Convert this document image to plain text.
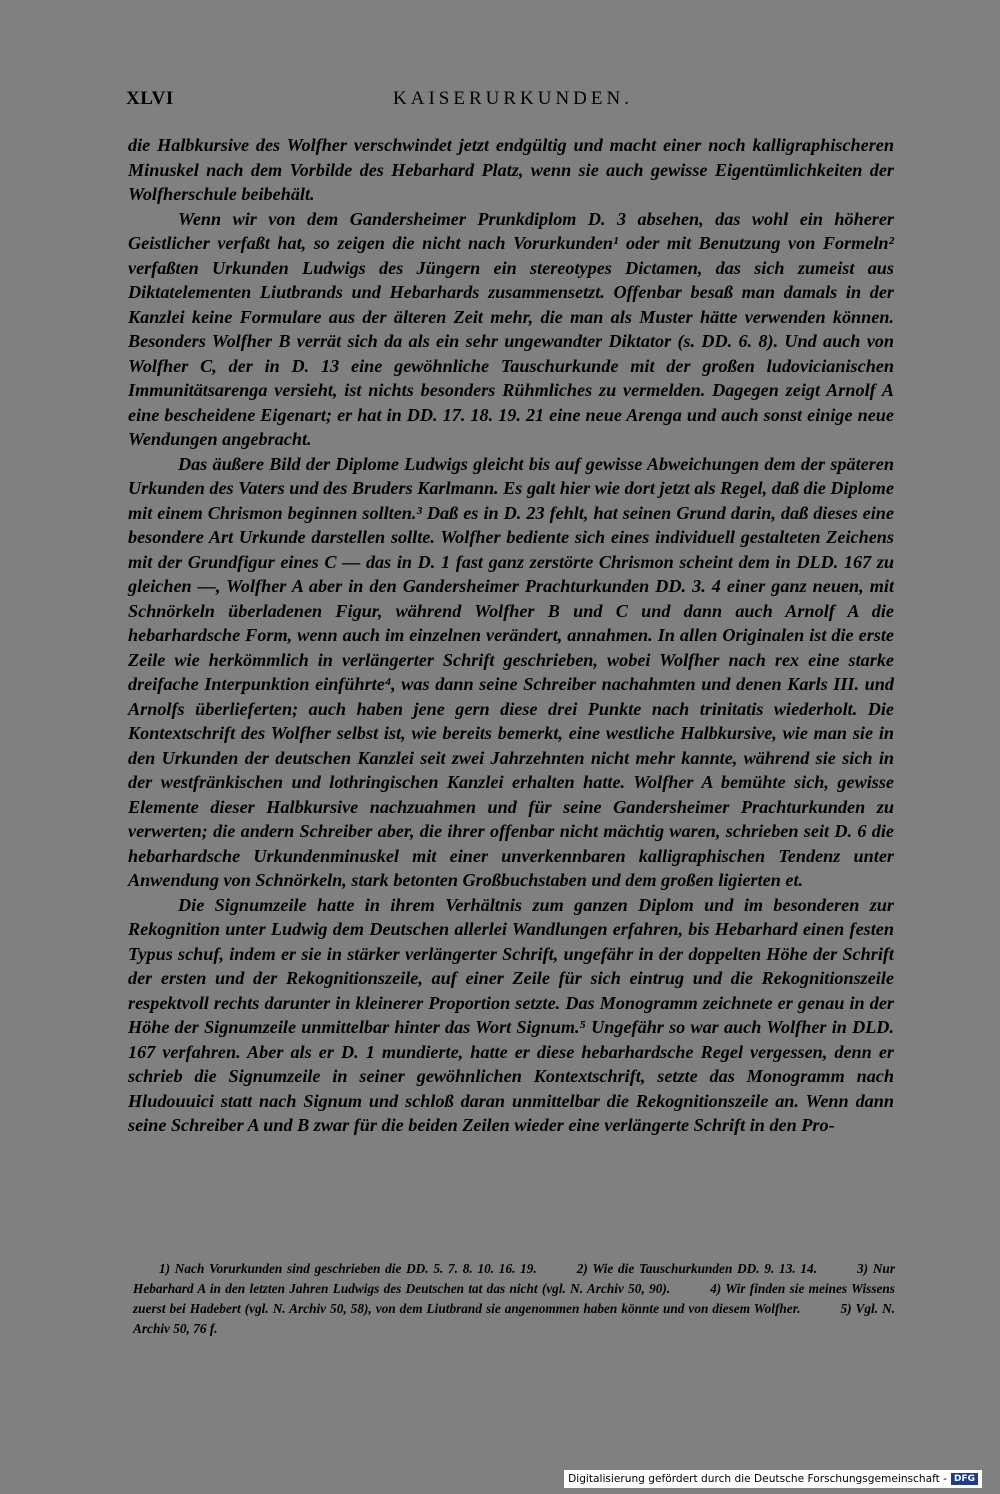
XLVI	KAISERURKUNDEN.

die Halbkursive des Wolfher verschwindet jetzt endgültig und macht einer noch kalligraphischeren Minuskel nach dem Vorbilde des Hebarhard Platz, wenn sie auch gewisse Eigentümlichkeiten der Wolfherschule beibehält.

Wenn wir von dem Gandersheimer Prunkdiplom D. 3 absehen, das wohl ein höherer Geistlicher verfaßt hat, so zeigen die nicht nach Vorurkunden¹ oder mit Benutzung von Formeln² verfaßten Urkunden Ludwigs des Jüngern ein stereotypes Dictamen, das sich zumeist aus Diktatelementen Liutbrands und Hebarhards zusammensetzt. Offenbar besaß man damals in der Kanzlei keine Formulare aus der älteren Zeit mehr, die man als Muster hätte verwenden können. Besonders Wolfher B verrät sich da als ein sehr ungewandter Diktator (s. DD. 6. 8). Und auch von Wolfher C, der in D. 13 eine gewöhnliche Tauschurkunde mit der großen ludovicianischen Immunitätsarenga versieht, ist nichts besonders Rühmliches zu vermelden. Dagegen zeigt Arnolf A eine bescheidene Eigenart; er hat in DD. 17. 18. 19. 21 eine neue Arenga und auch sonst einige neue Wendungen angebracht.

Das äußere Bild der Diplome Ludwigs gleicht bis auf gewisse Abweichungen dem der späteren Urkunden des Vaters und des Bruders Karlmann. Es galt hier wie dort jetzt als Regel, daß die Diplome mit einem Chrismon beginnen sollten.³ Daß es in D. 23 fehlt, hat seinen Grund darin, daß dieses eine besondere Art Urkunde darstellen sollte. Wolfher bediente sich eines individuell gestalteten Zeichens mit der Grundfigur eines C — das in D. 1 fast ganz zerstörte Chrismon scheint dem in DLD. 167 zu gleichen —, Wolfher A aber in den Gandersheimer Prachturkunden DD. 3. 4 einer ganz neuen, mit Schnörkeln überladenen Figur, während Wolfher B und C und dann auch Arnolf A die hebarhardsche Form, wenn auch im einzelnen verändert, annahmen. In allen Originalen ist die erste Zeile wie herkömmlich in verlängerter Schrift geschrieben, wobei Wolfher nach rex eine starke dreifache Interpunktion einführte⁴, was dann seine Schreiber nachahmten und denen Karls III. und Arnolfs überlieferten; auch haben jene gern diese drei Punkte nach trinitatis wiederholt. Die Kontextschrift des Wolfher selbst ist, wie bereits bemerkt, eine westliche Halbkursive, wie man sie in den Urkunden der deutschen Kanzlei seit zwei Jahrzehnten nicht mehr kannte, während sie sich in der westfränkischen und lothringischen Kanzlei erhalten hatte. Wolfher A bemühte sich, gewisse Elemente dieser Halbkursive nachzuahmen und für seine Gandersheimer Prachturkunden zu verwerten; die andern Schreiber aber, die ihrer offenbar nicht mächtig waren, schrieben seit D. 6 die hebarhardsche Urkundenminuskel mit einer unverkennbaren kalligraphischen Tendenz unter Anwendung von Schnörkeln, stark betonten Großbuchstaben und dem großen ligierten et.

Die Signumzeile hatte in ihrem Verhältnis zum ganzen Diplom und im besonderen zur Rekognition unter Ludwig dem Deutschen allerlei Wandlungen erfahren, bis Hebarhard einen festen Typus schuf, indem er sie in stärker verlängerter Schrift, ungefähr in der doppelten Höhe der Schrift der ersten und der Rekognitionszeile, auf einer Zeile für sich eintrug und die Rekognitionszeile respektvoll rechts darunter in kleinerer Proportion setzte. Das Monogramm zeichnete er genau in der Höhe der Signumzeile unmittelbar hinter das Wort Signum.⁵ Ungefähr so war auch Wolfher in DLD. 167 verfahren. Aber als er D. 1 mundierte, hatte er diese hebarhardsche Regel vergessen, denn er schrieb die Signumzeile in seiner gewöhnlichen Kontextschrift, setzte das Monogramm nach Hludouuici statt nach Signum und schloß daran unmittelbar die Rekognitionszeile an. Wenn dann seine Schreiber A und B zwar für die beiden Zeilen wieder eine verlängerte Schrift in den Pro-

1) Nach Vorurkunden sind geschrieben die DD. 5. 7. 8. 10. 16. 19.	2) Wie die Tauschurkunden DD. 9. 13. 14.	3) Nur Hebarhard A in den letzten Jahren Ludwigs des Deutschen tat das nicht (vgl. N. Archiv 50, 90).	4) Wir finden sie meines Wissens zuerst bei Hadebert (vgl. N. Archiv 50, 58), von dem Liutbrand sie angenommen haben könnte und von diesem Wolfher.	5) Vgl. N. Archiv 50, 76 f.

Digitalisierung gefördert durch die Deutsche Forschungsgemeinschaft - DFG
